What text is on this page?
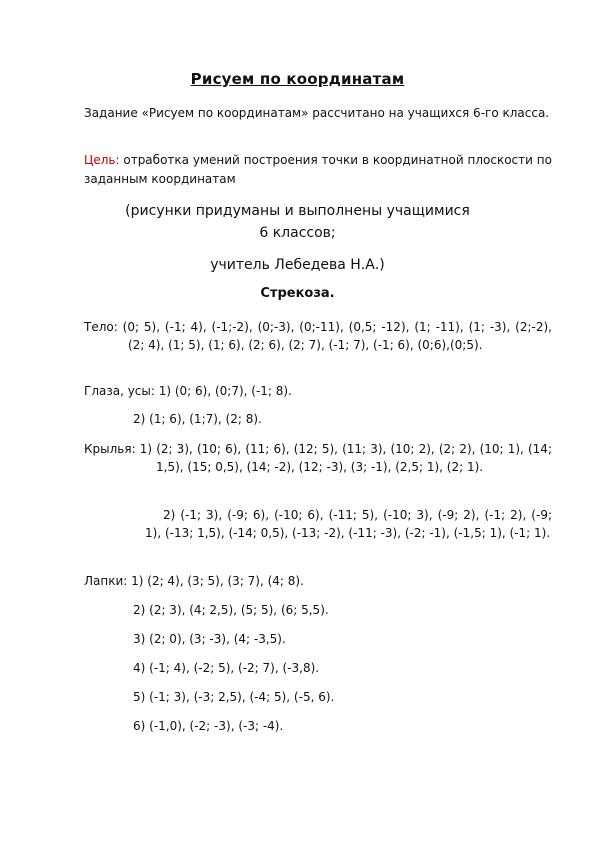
Рисуем по координатам
Задание «Рисуем по координатам» рассчитано на учащихся 6-го класса.
Цель: отработка умений построения точки в координатной плоскости по заданным координатам
(рисунки придуманы и выполнены учащимися
6 классов;
учитель Лебедева Н.А.)
Стрекоза.
Тело: (0; 5), (-1; 4), (-1;-2), (0;-3), (0;-11), (0,5; -12), (1; -11), (1; -3), (2;-2), (2; 4), (1; 5), (1; 6), (2; 6), (2; 7), (-1; 7), (-1; 6), (0;6),(0;5).
Глаза, усы: 1) (0; 6), (0;7), (-1; 8).
2) (1; 6), (1;7), (2; 8).
Крылья: 1) (2; 3), (10; 6), (11; 6), (12; 5), (11; 3), (10; 2), (2; 2), (10; 1), (14; 1,5), (15; 0,5), (14; -2), (12; -3), (3; -1), (2,5; 1), (2; 1).
2) (-1; 3), (-9; 6), (-10; 6), (-11; 5), (-10; 3), (-9; 2), (-1; 2), (-9; 1), (-13; 1,5), (-14; 0,5), (-13; -2), (-11; -3), (-2; -1), (-1,5; 1), (-1; 1).
Лапки: 1) (2; 4), (3; 5), (3; 7), (4; 8).
2) (2; 3), (4; 2,5), (5; 5), (6; 5,5).
3) (2; 0), (3; -3), (4; -3,5).
4) (-1; 4), (-2; 5), (-2; 7), (-3,8).
5) (-1; 3), (-3; 2,5), (-4; 5), (-5, 6).
6) (-1,0), (-2; -3), (-3; -4).
